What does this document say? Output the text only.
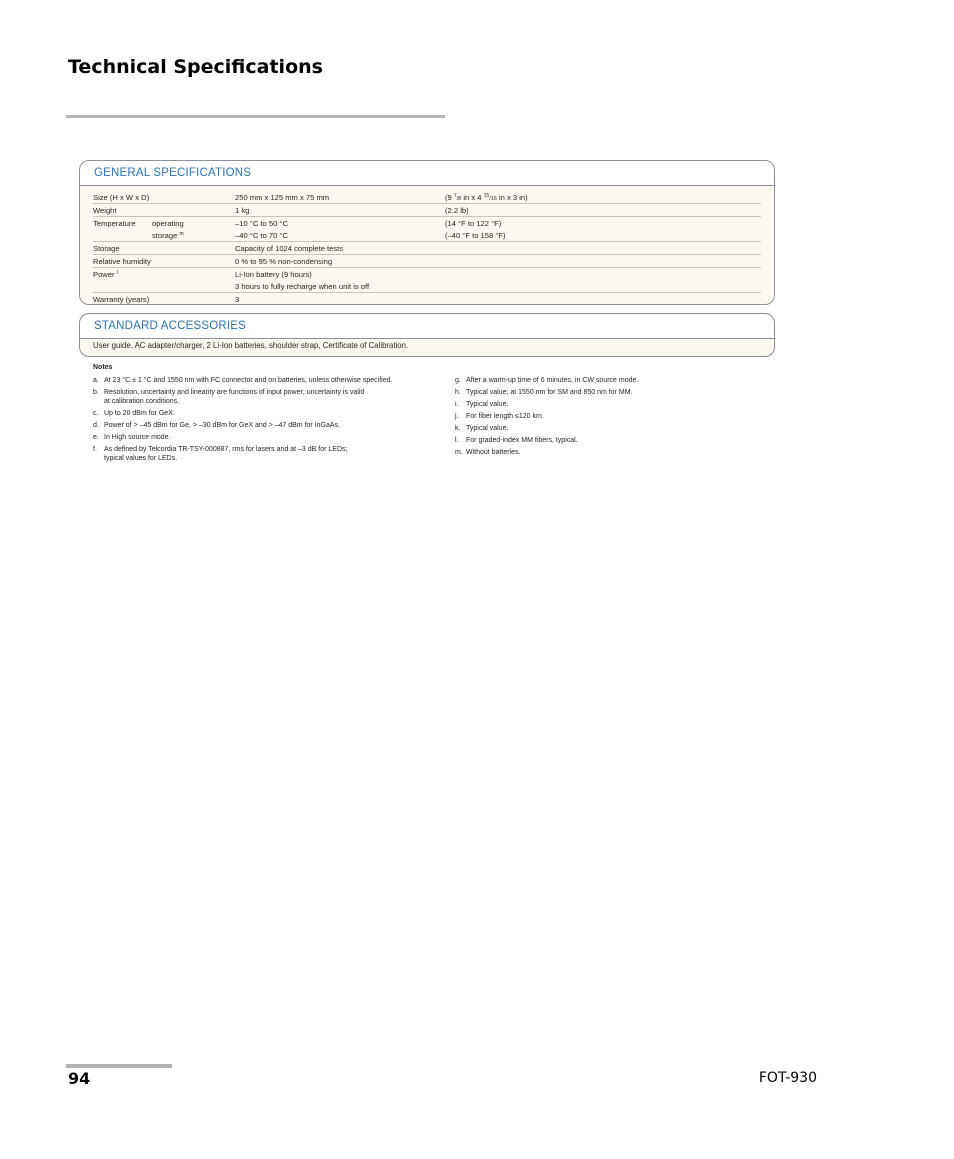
Technical Specifications
GENERAL SPECIFICATIONS
Size (H x W x D)	250 mm x 125 mm x 75 mm	(9 $^7$/8 in x 4 $^{15}$/16 in x 3 in)
Weight	1 kg	(2.2 lb)
Temperature operating	–10 °C to 50 °C	(14 °F to 122 °F)
storage $^m$	–40 °C to 70 °C	(–40 °F to 158 °F)
Storage	Capacity of 1024 complete tests
Relative humidity	0 % to 95 % non-condensing
Power $^l$	Li-Ion battery (9 hours)
3 hours to fully recharge when unit is off
Warranty (years)	3
STANDARD ACCESSORIES
User guide, AC adapter/charger, 2 Li-Ion batteries, shoulder strap, Certificate of Calibration.
Notes
a. At 23 °C ± 1 °C and 1550 nm with FC connector and on batteries, unless otherwise specified.
b. Resolution, uncertainty and linearity are functions of input power; uncertainty is valid
at calibration conditions.
c. Up to 20 dBm for GeX.
d. Power of > –45 dBm for Ge, > –30 dBm for GeX and > –47 dBm for InGaAs.
e. In High source mode.
f. As defined by Telcordia TR-TSY-000887, rms for lasers and at –3 dB for LEDs;
typical values for LEDs.
g. After a warm-up time of 6 minutes, in CW source mode.
h. Typical value; at 1550 nm for SM and 850 nm for MM.
i. Typical value.
j. For fiber length ≤120 km.
k. Typical value.
l. For graded-index MM fibers, typical.
m. Without batteries.
94	FOT-930
